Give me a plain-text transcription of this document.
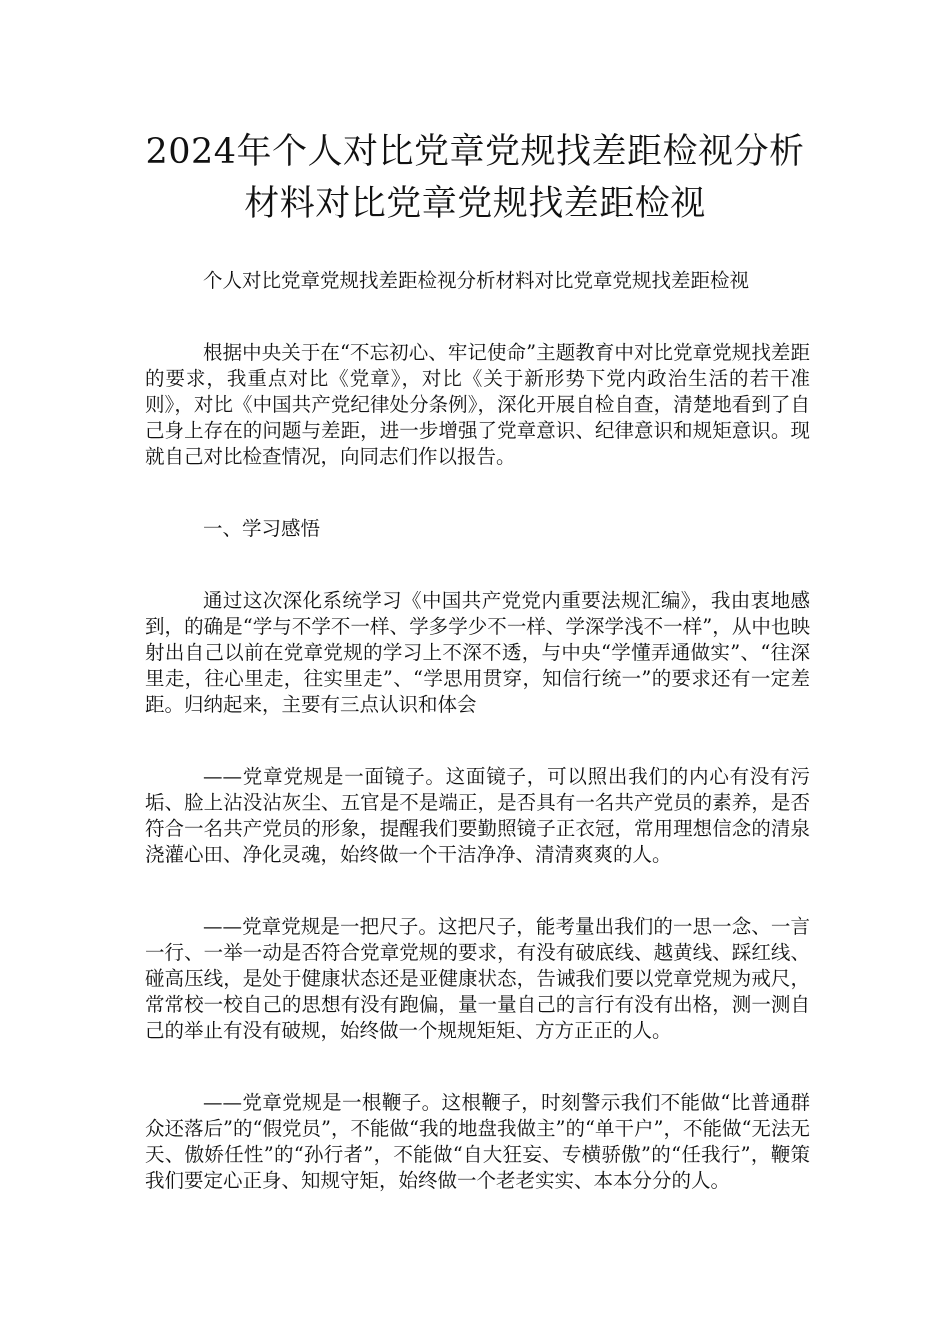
2024年个人对比党章党规找差距检视分析
材料对比党章党规找差距检视

个人对比党章党规找差距检视分析材料对比党章党规找差距检视

根据中央关于在“不忘初心、牢记使命”主题教育中对比党章党规找差距的要求，我重点对比《党章》，对比《关于新形势下党内政治生活的若干准则》，对比《中国共产党纪律处分条例》，深化开展自检自查，清楚地看到了自己身上存在的问题与差距，进一步增强了党章意识、纪律意识和规矩意识。现就自己对比检查情况，向同志们作以报告。

一、学习感悟

通过这次深化系统学习《中国共产党党内重要法规汇编》，我由衷地感到，的确是“学与不学不一样、学多学少不一样、学深学浅不一样”，从中也映射出自己以前在党章党规的学习上不深不透，与中央“学懂弄通做实”、“往深里走，往心里走，往实里走”、“学思用贯穿，知信行统一”的要求还有一定差距。归纳起来，主要有三点认识和体会

——党章党规是一面镜子。这面镜子，可以照出我们的内心有没有污垢、脸上沾没沾灰尘、五官是不是端正，是否具有一名共产党员的素养，是否符合一名共产党员的形象，提醒我们要勤照镜子正衣冠，常用理想信念的清泉浇灌心田、净化灵魂，始终做一个干洁净净、清清爽爽的人。

——党章党规是一把尺子。这把尺子，能考量出我们的一思一念、一言一行、一举一动是否符合党章党规的要求，有没有破底线、越黄线、踩红线、碰高压线，是处于健康状态还是亚健康状态，告诫我们要以党章党规为戒尺，常常校一校自己的思想有没有跑偏，量一量自己的言行有没有出格，测一测自己的举止有没有破规，始终做一个规规矩矩、方方正正的人。

——党章党规是一根鞭子。这根鞭子，时刻警示我们不能做“比普通群众还落后”的“假党员”，不能做“我的地盘我做主”的“单干户”，不能做“无法无天、傲娇任性”的“孙行者”，不能做“自大狂妄、专横骄傲”的“任我行”，鞭策我们要定心正身、知规守矩，始终做一个老老实实、本本分分的人。
